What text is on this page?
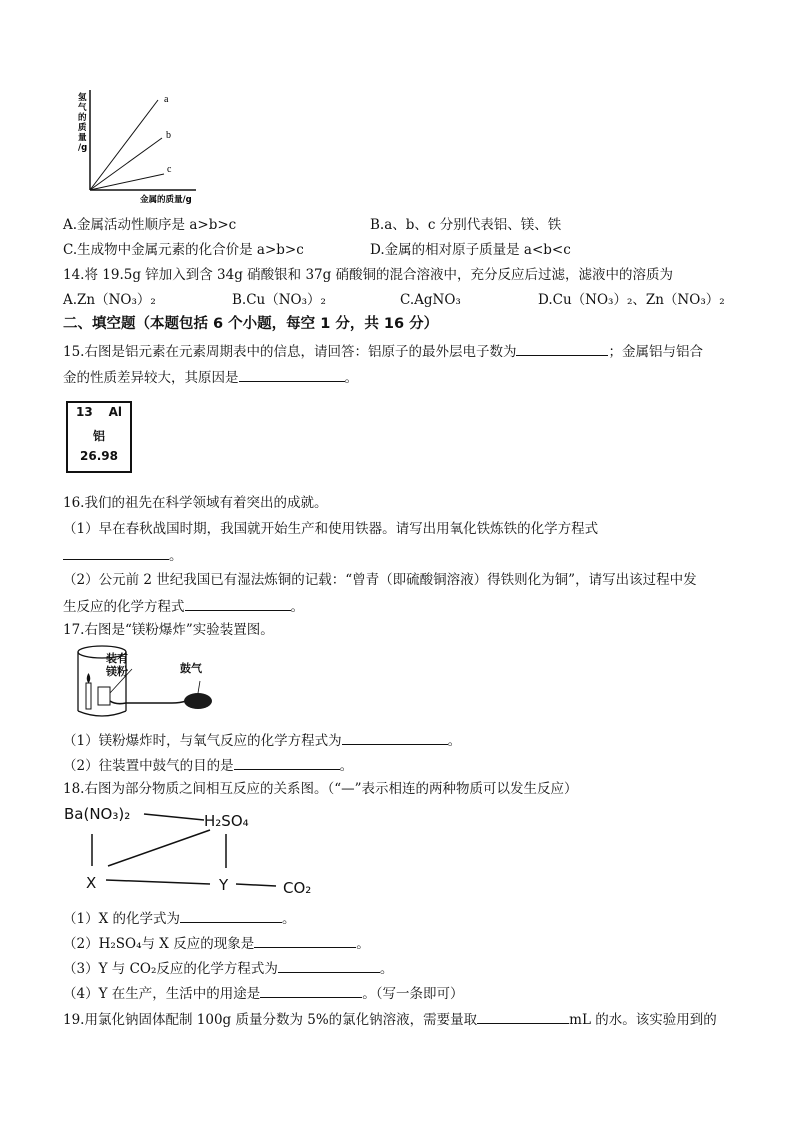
a
b
c
氢
气
的
质
量
/g
金属的质量/g
A.金属活动性顺序是 a>b>c	B.a、b、c 分别代表铝、镁、铁
C.生成物中金属元素的化合价是 a>b>c	D.金属的相对原子质量是 a<b<c
14.将 19.5g 锌加入到含 34g 硝酸银和 37g 硝酸铜的混合溶液中，充分反应后过滤，滤液中的溶质为
A.Zn（NO₃）₂	B.Cu（NO₃）₂	C.AgNO₃	D.Cu（NO₃）₂、Zn（NO₃）₂
二、填空题（本题包括 6 个小题，每空 1 分，共 16 分）
15.右图是铝元素在元素周期表中的信息，请回答：铝原子的最外层电子数为	；金属铝与铝合
金的性质差异较大，其原因是	。
13 Al
铝
26.98
16.我们的祖先在科学领域有着突出的成就。
（1）早在春秋战国时期，我国就开始生产和使用铁器。请写出用氧化铁炼铁的化学方程式
。
（2）公元前 2 世纪我国已有湿法炼铜的记载：“曾青（即硫酸铜溶液）得铁则化为铜”，请写出该过程中发
生反应的化学方程式	。
17.右图是“镁粉爆炸”实验装置图。
装有镁粉	鼓气
（1）镁粉爆炸时，与氧气反应的化学方程式为	。
（2）往装置中鼓气的目的是	。
18.右图为部分物质之间相互反应的关系图。（“—”表示相连的两种物质可以发生反应）
Ba(NO₃)₂	H₂SO₄
X	Y	CO₂
（1）X 的化学式为	。
（2）H₂SO₄与 X 反应的现象是	。
（3）Y 与 CO₂反应的化学方程式为	。
（4）Y 在生产，生活中的用途是	。（写一条即可）
19.用氯化钠固体配制 100g 质量分数为 5%的氯化钠溶液，需要量取	mL 的水。该实验用到的
